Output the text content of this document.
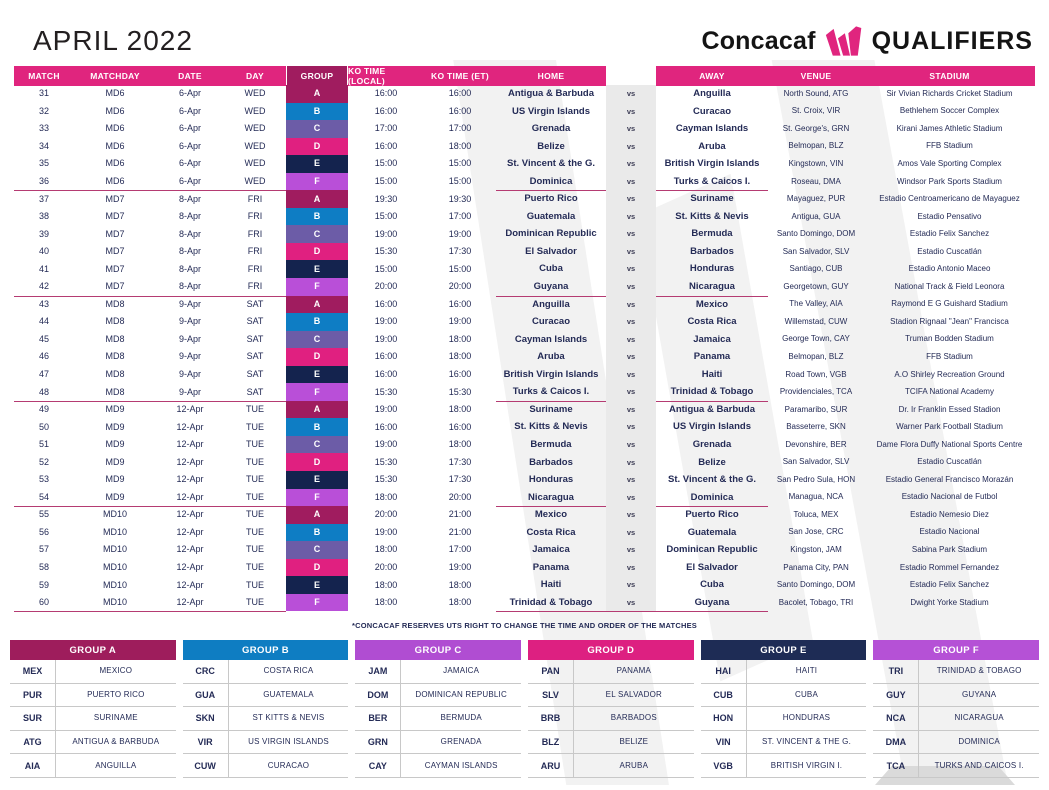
APRIL 2022	Concacaf QUALIFIERS
MATCH	MATCHDAY	DATE	DAY	GROUP	KO TIME (LOCAL)	KO TIME (ET)	HOME	AWAY	VENUE	STADIUM
31	MD6	6-Apr	WED	A	16:00	16:00	Antigua & Barbuda	vs	Anguilla	North Sound, ATG	Sir Vivian Richards Cricket Stadium
32	MD6	6-Apr	WED	B	16:00	16:00	US Virgin Islands	vs	Curacao	St. Croix, VIR	Bethlehem Soccer Complex
33	MD6	6-Apr	WED	C	17:00	17:00	Grenada	vs	Cayman Islands	St. George's, GRN	Kirani James Athletic Stadium
34	MD6	6-Apr	WED	D	16:00	18:00	Belize	vs	Aruba	Belmopan, BLZ	FFB Stadium
35	MD6	6-Apr	WED	E	15:00	15:00	St. Vincent & the G.	vs	British Virgin Islands	Kingstown, VIN	Amos Vale Sporting Complex
36	MD6	6-Apr	WED	F	15:00	15:00	Dominica	vs	Turks & Caicos I.	Roseau, DMA	Windsor Park Sports Stadium
37	MD7	8-Apr	FRI	A	19:30	19:30	Puerto Rico	vs	Suriname	Mayaguez, PUR	Estadio Centroamericano de Mayaguez
38	MD7	8-Apr	FRI	B	15:00	17:00	Guatemala	vs	St. Kitts & Nevis	Antigua, GUA	Estadio Pensativo
39	MD7	8-Apr	FRI	C	19:00	19:00	Dominican Republic	vs	Bermuda	Santo Domingo, DOM	Estadio Felix Sanchez
40	MD7	8-Apr	FRI	D	15:30	17:30	El Salvador	vs	Barbados	San Salvador, SLV	Estadio Cuscatlán
41	MD7	8-Apr	FRI	E	15:00	15:00	Cuba	vs	Honduras	Santiago, CUB	Estadio Antonio Maceo
42	MD7	8-Apr	FRI	F	20:00	20:00	Guyana	vs	Nicaragua	Georgetown, GUY	National Track & Field Leonora
43	MD8	9-Apr	SAT	A	16:00	16:00	Anguilla	vs	Mexico	The Valley, AIA	Raymond E G Guishard Stadium
44	MD8	9-Apr	SAT	B	19:00	19:00	Curacao	vs	Costa Rica	Willemstad, CUW	Stadion Rignaal "Jean" Francisca
45	MD8	9-Apr	SAT	C	19:00	18:00	Cayman Islands	vs	Jamaica	George Town, CAY	Truman Bodden Stadium
46	MD8	9-Apr	SAT	D	16:00	18:00	Aruba	vs	Panama	Belmopan, BLZ	FFB Stadium
47	MD8	9-Apr	SAT	E	16:00	16:00	British Virgin Islands	vs	Haiti	Road Town, VGB	A.O Shirley Recreation Ground
48	MD8	9-Apr	SAT	F	15:30	15:30	Turks & Caicos I.	vs	Trinidad & Tobago	Providenciales, TCA	TCIFA National Academy
49	MD9	12-Apr	TUE	A	19:00	18:00	Suriname	vs	Antigua & Barbuda	Paramaribo, SUR	Dr. Ir Franklin Essed Stadion
50	MD9	12-Apr	TUE	B	16:00	16:00	St. Kitts & Nevis	vs	US Virgin Islands	Basseterre, SKN	Warner Park Football Stadium
51	MD9	12-Apr	TUE	C	19:00	18:00	Bermuda	vs	Grenada	Devonshire, BER	Dame Flora Duffy National Sports Centre
52	MD9	12-Apr	TUE	D	15:30	17:30	Barbados	vs	Belize	San Salvador, SLV	Estadio Cuscatlán
53	MD9	12-Apr	TUE	E	15:30	17:30	Honduras	vs	St. Vincent & the G.	San Pedro Sula, HON	Estadio General Francisco Morazán
54	MD9	12-Apr	TUE	F	18:00	20:00	Nicaragua	vs	Dominica	Managua, NCA	Estadio Nacional de Futbol
55	MD10	12-Apr	TUE	A	20:00	21:00	Mexico	vs	Puerto Rico	Toluca, MEX	Estadio Nemesio Diez
56	MD10	12-Apr	TUE	B	19:00	21:00	Costa Rica	vs	Guatemala	San Jose, CRC	Estadio Nacional
57	MD10	12-Apr	TUE	C	18:00	17:00	Jamaica	vs	Dominican Republic	Kingston, JAM	Sabina Park Stadium
58	MD10	12-Apr	TUE	D	20:00	19:00	Panama	vs	El Salvador	Panama City, PAN	Estadio Rommel Fernandez
59	MD10	12-Apr	TUE	E	18:00	18:00	Haiti	vs	Cuba	Santo Domingo, DOM	Estadio Felix Sanchez
60	MD10	12-Apr	TUE	F	18:00	18:00	Trinidad & Tobago	vs	Guyana	Bacolet, Tobago, TRI	Dwight Yorke Stadium
*CONCACAF RESERVES UTS RIGHT TO CHANGE THE TIME AND ORDER OF THE MATCHES
GROUP A
MEX	MEXICO
PUR	PUERTO RICO
SUR	SURINAME
ATG	ANTIGUA & BARBUDA
AIA	ANGUILLA
GROUP B
CRC	COSTA RICA
GUA	GUATEMALA
SKN	ST KITTS & NEVIS
VIR	US VIRGIN ISLANDS
CUW	CURACAO
GROUP C
JAM	JAMAICA
DOM	DOMINICAN REPUBLIC
BER	BERMUDA
GRN	GRENADA
CAY	CAYMAN ISLANDS
GROUP D
PAN	PANAMA
SLV	EL SALVADOR
BRB	BARBADOS
BLZ	BELIZE
ARU	ARUBA
GROUP E
HAI	HAITI
CUB	CUBA
HON	HONDURAS
VIN	ST. VINCENT & THE G.
VGB	BRITISH VIRGIN I.
GROUP F
TRI	TRINIDAD & TOBAGO
GUY	GUYANA
NCA	NICARAGUA
DMA	DOMINICA
TCA	TURKS AND CAICOS I.
